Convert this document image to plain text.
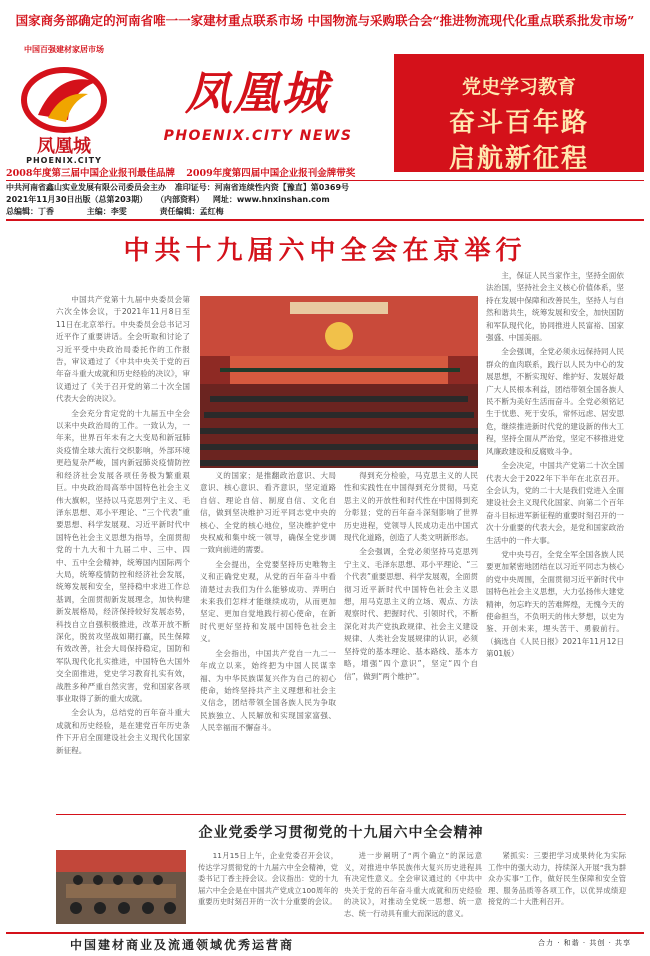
国家商务部确定的河南省唯一一家建材重点联系市场 中国物流与采购联合会“推进物流现代化重点联系批发市场”
中国百强建材家居市场
凤凰城
PHOENIX.CITY
凤凰城
PHOENIX.CITY NEWS
党史学习教育
奋斗百年路
启航新征程
2008年度第三届中国企业报刊最佳品牌 2009年度第四届中国企业报刊金牌带奖
中共河南省鑫山实业发展有限公司委员会主办 准印证号：河南省连续性内资【豫直】第0369号
2021年11月30日出版（总第203期） （内部资料） 网址：www.hnxinshan.com
总编辑：丁香	主编：李雯	责任编辑：孟红梅
中共十九届六中全会在京举行

中国共产党第十九届中央委员会第六次全体会议，于2021年11月8日至11日在北京举行。中央委员会总书记习近平作了重要讲话。全会听取和讨论了习近平受中央政治局委托作的工作报告，审议通过了《中共中央关于党的百年奋斗重大成就和历史经验的决议》，审议通过了《关于召开党的第二十次全国代表大会的决议》。

全会充分肯定党的十九届五中全会以来中央政治局的工作。一致认为，一年来，世界百年未有之大变局和新冠肺炎疫情全球大流行交织影响，外部环境更趋复杂严峻，国内新冠肺炎疫情防控和经济社会发展各项任务极为繁重艰巨。中央政治局高举中国特色社会主义伟大旗帜，坚持以马克思列宁主义、毛泽东思想、邓小平理论、“三个代表”重要思想、科学发展观、习近平新时代中国特色社会主义思想为指导，全面贯彻党的十九大和十九届二中、三中、四中、五中全会精神，统筹国内国际两个大局，统筹疫情防控和经济社会发展，统筹发展和安全，坚持稳中求进工作总基调，全面贯彻新发展理念，加快构建新发展格局，经济保持较好发展态势，科技自立自强积极推进，改革开放不断深化，脱贫攻坚战如期打赢，民生保障有效改善，社会大局保持稳定，国防和军队现代化扎实推进，中国特色大国外交全面推进，党史学习教育扎实有效，战胜多种严重自然灾害，党和国家各项事业取得了新的重大成就。

全会认为，总结党的百年奋斗重大成就和历史经验，是在建党百年历史条件下开启全面建设社会主义现代化国家新征程。

义的国家；是推翻政治意识、大局意识、核心意识、看齐意识，坚定道路自信、理论自信、制度自信、文化自信，做到坚决维护习近平同志党中央的核心、全党的核心地位，坚决维护党中央权威和集中统一领导，确保全党步调一致向前进的需要。

全会提出，全党要坚持历史唯物主义和正确党史观，从党的百年奋斗中看清楚过去我们为什么能够成功、弄明白未来我们怎样才能继续成功，从而更加坚定、更加自觉地践行初心使命，在新时代更好坚持和发展中国特色社会主义。

全会指出，中国共产党自一九二一年成立以来，始终把为中国人民谋幸福、为中华民族谋复兴作为自己的初心使命，始终坚持共产主义理想和社会主义信念，团结带领全国各族人民为争取民族独立、人民解放和实现国家富强、人民幸福而不懈奋斗。

得到充分检验，马克思主义的人民性和实践性在中国得到充分贯彻，马克思主义的开放性和时代性在中国得到充分彰显；党的百年奋斗深刻影响了世界历史进程，党领导人民成功走出中国式现代化道路，创造了人类文明新形态。

全会强调，全党必须坚持马克思列宁主义、毛泽东思想、邓小平理论、“三个代表”重要思想、科学发展观，全面贯彻习近平新时代中国特色社会主义思想，用马克思主义的立场、观点、方法观察时代、把握时代、引领时代，不断深化对共产党执政规律、社会主义建设规律、人类社会发展规律的认识，必须坚持党的基本理论、基本路线、基本方略，增强“四个意识”，坚定“四个自信”，做到“两个维护”。

主，保证人民当家作主，坚持全面依法治国，坚持社会主义核心价值体系，坚持在发展中保障和改善民生，坚持人与自然和谐共生，统筹发展和安全，加快国防和军队现代化，协同推进人民富裕、国家强盛、中国美丽。

全会强调，全党必须永远保持同人民群众的血肉联系，践行以人民为中心的发展思想，不断实现好、维护好、发展好最广大人民根本利益，团结带领全国各族人民不断为美好生活而奋斗。全党必须铭记生于忧患、死于安乐，常怀远虑、居安思危，继续推进新时代党的建设新的伟大工程，坚持全面从严治党，坚定不移推进党风廉政建设和反腐败斗争。

全会决定，中国共产党第二十次全国代表大会于2022年下半年在北京召开。全会认为，党的二十大是我们党进入全面建设社会主义现代化国家、向第二个百年奋斗目标进军新征程的重要时刻召开的一次十分重要的代表大会，是党和国家政治生活中的一件大事。

党中央号召，全党全军全国各族人民要更加紧密地团结在以习近平同志为核心的党中央周围，全面贯彻习近平新时代中国特色社会主义思想，大力弘扬伟大建党精神，勿忘昨天的苦难辉煌，无愧今天的使命担当，不负明天的伟大梦想，以史为鉴、开创未来，埋头苦干、勇毅前行。（摘选自《人民日报》2021年11月12日第01版）

企业党委学习贯彻党的十九届六中全会精神

11月15日上午，企业党委召开会议，传达学习贯彻党的十九届六中全会精神，党委书记丁香主持会议。会议指出：党的十九届六中全会是在中国共产党成立100周年的重要历史时刻召开的一次十分重要的会议。

进一步阐明了“两个确立”的深远意义，对推进中华民族伟大复兴历史进程具有决定性意义。全会审议通过的《中共中央关于党的百年奋斗重大成就和历史经验的决议》，对推动全党统一思想、统一意志、统一行动具有重大而深远的意义。

紧抓实：三要把学习成果转化为实际工作中的强大动力，持续深入开展“我为群众办实事”工作，做好民生保障和安全管理、服务品质等各项工作，以优异成绩迎接党的二十大胜利召开。

中国建材商业及流通领域优秀运营商	合力 · 和谐 · 共创 · 共享
